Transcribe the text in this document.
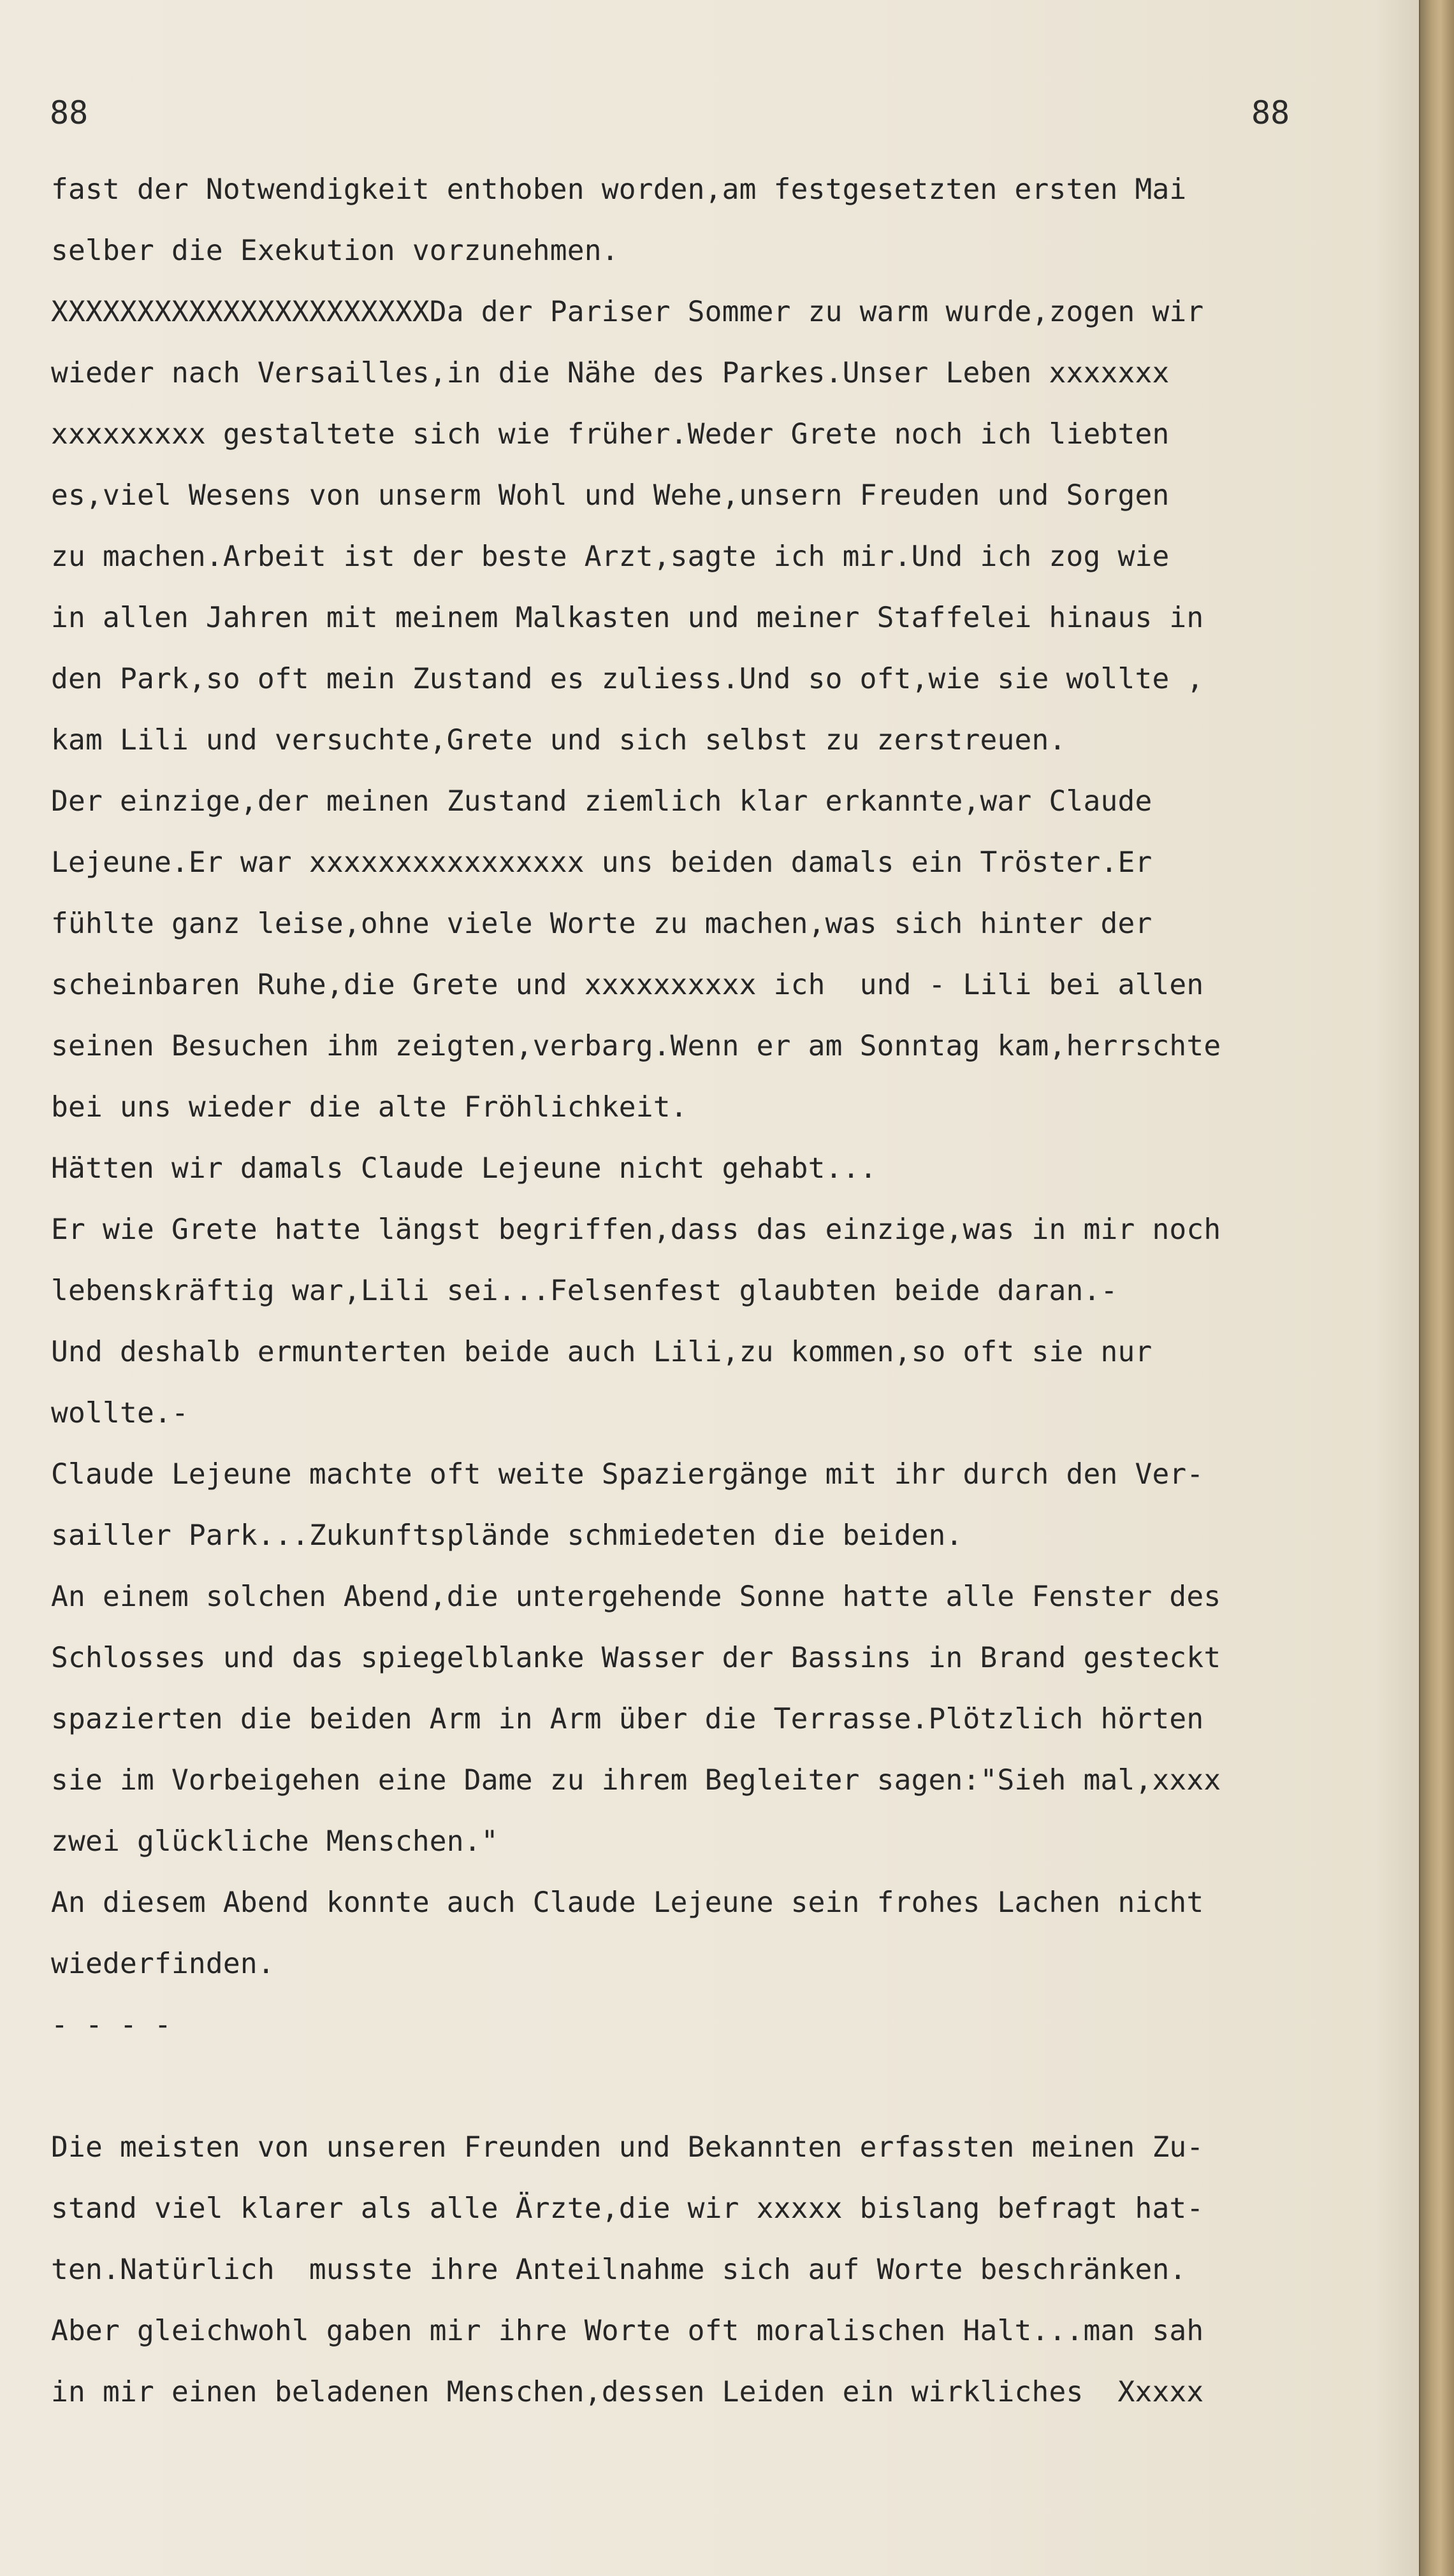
88	88
fast der Notwendigkeit enthoben worden,am festgesetzten ersten Mai
selber die Exekution vorzunehmen.
XXXXXXXXXXXXXXXXXXXXXXDa der Pariser Sommer zu warm wurde,zogen wir
wieder nach Versailles,in die Nähe des Parkes.Unser Leben xxxxxxx
xxxxxxxxx gestaltete sich wie früher.Weder Grete noch ich liebten
es,viel Wesens von unserm Wohl und Wehe,unsern Freuden und Sorgen
zu machen.Arbeit ist der beste Arzt,sagte ich mir.Und ich zog wie
in allen Jahren mit meinem Malkasten und meiner Staffelei hinaus in
den Park,so oft mein Zustand es zuliess.Und so oft,wie sie wollte ,
kam Lili und versuchte,Grete und sich selbst zu zerstreuen.
Der einzige,der meinen Zustand ziemlich klar erkannte,war Claude
Lejeune.Er war xxxxxxxxxxxxxxxx uns beiden damals ein Tröster.Er
fühlte ganz leise,ohne viele Worte zu machen,was sich hinter der
scheinbaren Ruhe,die Grete und xxxxxxxxxx ich  und - Lili bei allen
seinen Besuchen ihm zeigten,verbarg.Wenn er am Sonntag kam,herrschte
bei uns wieder die alte Fröhlichkeit.
Hätten wir damals Claude Lejeune nicht gehabt...
Er wie Grete hatte längst begriffen,dass das einzige,was in mir noch
lebenskräftig war,Lili sei...Felsenfest glaubten beide daran.-
Und deshalb ermunterten beide auch Lili,zu kommen,so oft sie nur
wollte.-
Claude Lejeune machte oft weite Spaziergänge mit ihr durch den Ver-
sailler Park...Zukunftsplände schmiedeten die beiden.
An einem solchen Abend,die untergehende Sonne hatte alle Fenster des
Schlosses und das spiegelblanke Wasser der Bassins in Brand gesteckt
spazierten die beiden Arm in Arm über die Terrasse.Plötzlich hörten
sie im Vorbeigehen eine Dame zu ihrem Begleiter sagen:"Sieh mal,xxxx
zwei glückliche Menschen."
An diesem Abend konnte auch Claude Lejeune sein frohes Lachen nicht
wiederfinden.
- - - -
Die meisten von unseren Freunden und Bekannten erfassten meinen Zu-
stand viel klarer als alle Ärzte,die wir xxxxx bislang befragt hat-
ten.Natürlich  musste ihre Anteilnahme sich auf Worte beschränken.
Aber gleichwohl gaben mir ihre Worte oft moralischen Halt...man sah
in mir einen beladenen Menschen,dessen Leiden ein wirkliches  Xxxxx
